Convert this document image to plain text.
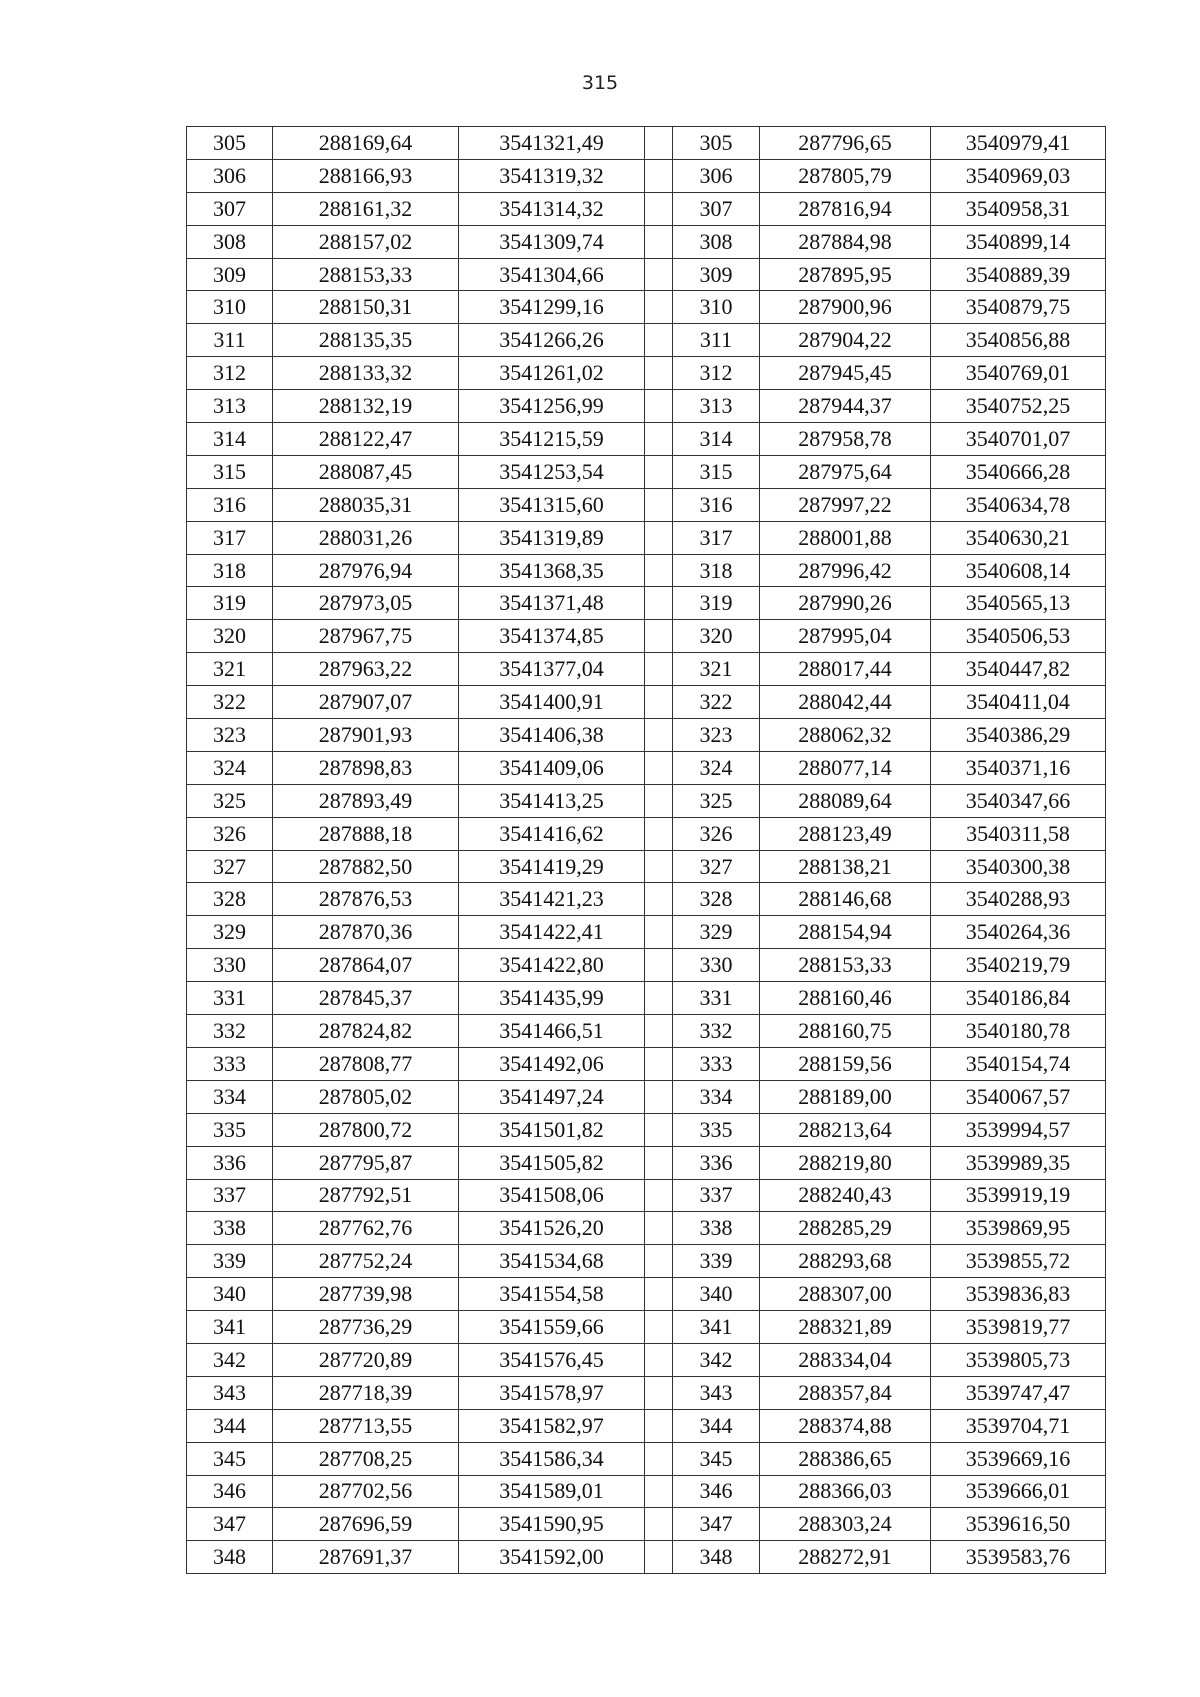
315
305	288169,64	3541321,49		305	287796,65	3540979,41
306	288166,93	3541319,32		306	287805,79	3540969,03
307	288161,32	3541314,32		307	287816,94	3540958,31
308	288157,02	3541309,74		308	287884,98	3540899,14
309	288153,33	3541304,66		309	287895,95	3540889,39
310	288150,31	3541299,16		310	287900,96	3540879,75
311	288135,35	3541266,26		311	287904,22	3540856,88
312	288133,32	3541261,02		312	287945,45	3540769,01
313	288132,19	3541256,99		313	287944,37	3540752,25
314	288122,47	3541215,59		314	287958,78	3540701,07
315	288087,45	3541253,54		315	287975,64	3540666,28
316	288035,31	3541315,60		316	287997,22	3540634,78
317	288031,26	3541319,89		317	288001,88	3540630,21
318	287976,94	3541368,35		318	287996,42	3540608,14
319	287973,05	3541371,48		319	287990,26	3540565,13
320	287967,75	3541374,85		320	287995,04	3540506,53
321	287963,22	3541377,04		321	288017,44	3540447,82
322	287907,07	3541400,91		322	288042,44	3540411,04
323	287901,93	3541406,38		323	288062,32	3540386,29
324	287898,83	3541409,06		324	288077,14	3540371,16
325	287893,49	3541413,25		325	288089,64	3540347,66
326	287888,18	3541416,62		326	288123,49	3540311,58
327	287882,50	3541419,29		327	288138,21	3540300,38
328	287876,53	3541421,23		328	288146,68	3540288,93
329	287870,36	3541422,41		329	288154,94	3540264,36
330	287864,07	3541422,80		330	288153,33	3540219,79
331	287845,37	3541435,99		331	288160,46	3540186,84
332	287824,82	3541466,51		332	288160,75	3540180,78
333	287808,77	3541492,06		333	288159,56	3540154,74
334	287805,02	3541497,24		334	288189,00	3540067,57
335	287800,72	3541501,82		335	288213,64	3539994,57
336	287795,87	3541505,82		336	288219,80	3539989,35
337	287792,51	3541508,06		337	288240,43	3539919,19
338	287762,76	3541526,20		338	288285,29	3539869,95
339	287752,24	3541534,68		339	288293,68	3539855,72
340	287739,98	3541554,58		340	288307,00	3539836,83
341	287736,29	3541559,66		341	288321,89	3539819,77
342	287720,89	3541576,45		342	288334,04	3539805,73
343	287718,39	3541578,97		343	288357,84	3539747,47
344	287713,55	3541582,97		344	288374,88	3539704,71
345	287708,25	3541586,34		345	288386,65	3539669,16
346	287702,56	3541589,01		346	288366,03	3539666,01
347	287696,59	3541590,95		347	288303,24	3539616,50
348	287691,37	3541592,00		348	288272,91	3539583,76
